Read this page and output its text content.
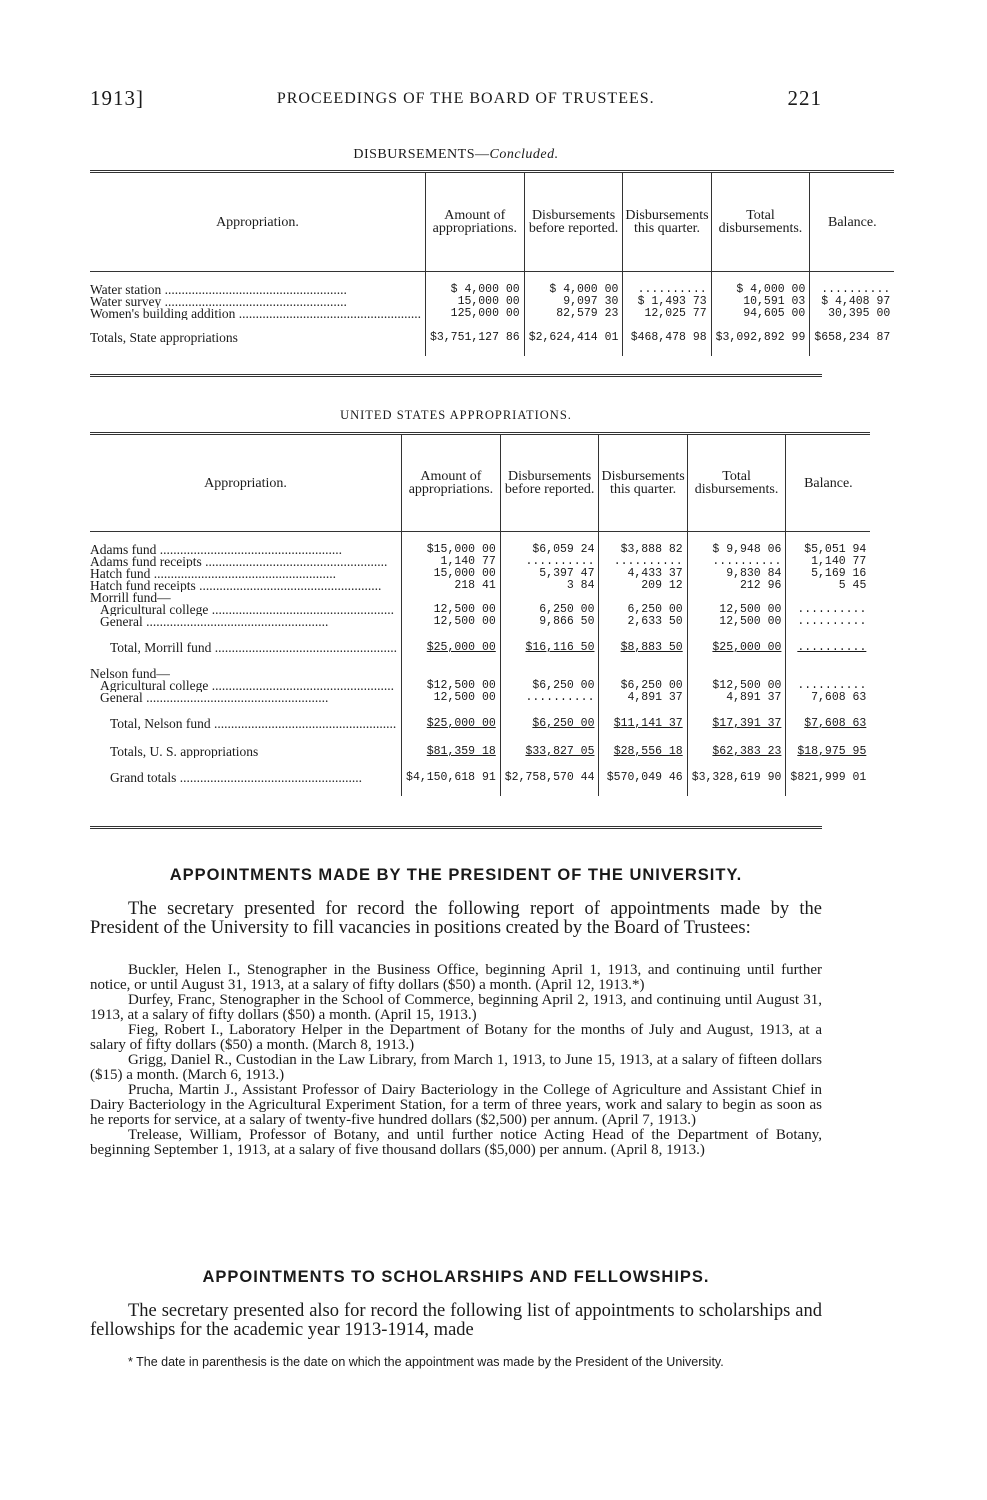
1913]	PROCEEDINGS OF THE BOARD OF TRUSTEES.	221
DISBURSEMENTS—Concluded.
Appropriation.	Amount of appropriations.	Disbursements before reported.	Disbursements this quarter.	Total disbursements.	Balance.

Water station .....	$ 4,000 00	$ 4,000 00	..........	$ 4,000 00	..........

Water survey .....	15,000 00	9,097 30	$ 1,493 73	10,591 03	$ 4,408 97

Women's building addition .....	125,000 00	82,579 23	12,025 77	94,605 00	30,395 00

Totals, State appropriations	$3,751,127 86	$2,624,414 01	$468,478 98	$3,092,892 99	$658,234 87

UNITED STATES APPROPRIATIONS.
Appropriation.	Amount of appropriations.	Disbursements before reported.	Disbursements this quarter.	Total disbursements.	Balance.

Adams fund .....	$15,000 00	$6,059 24	$3,888 82	$ 9,948 06	$5,051 94

Adams fund receipts .....	1,140 77	..........	..........	..........	1,140 77

Hatch fund .....	15,000 00	5,397 47	4,433 37	9,830 84	5,169 16

Hatch fund receipts .....	218 41	3 84	209 12	212 96	5 45
Morrill fund—					

Agricultural college .....	12,500 00	6,250 00	6,250 00	12,500 00	..........

General .....	12,500 00	9,866 50	2,633 50	12,500 00	..........

Total, Morrill fund .....	$25,000 00	$16,116 50	$8,883 50	$25,000 00	..........

Nelson fund—					

Agricultural college .....	$12,500 00	$6,250 00	$6,250 00	$12,500 00	..........

General .....	12,500 00	..........	4,891 37	4,891 37	7,608 63

Total, Nelson fund .....	$25,000 00	$6,250 00	$11,141 37	$17,391 37	$7,608 63

Totals, U. S. appropriations	$81,359 18	$33,827 05	$28,556 18	$62,383 23	$18,975 95

Grand totals .....	$4,150,618 91	$2,758,570 44	$570,049 46	$3,328,619 90	$821,999 01

APPOINTMENTS MADE BY THE PRESIDENT OF THE UNIVERSITY.

The secretary presented for record the following report of appointments made by the President of the University to fill vacancies in positions created by the Board of Trustees:

Buckler, Helen I., Stenographer in the Business Office, beginning April 1, 1913, and continuing until further notice, or until August 31, 1913, at a salary of fifty dollars ($50) a month. (April 12, 1913.*)

Durfey, Franc, Stenographer in the School of Commerce, beginning April 2, 1913, and continuing until August 31, 1913, at a salary of fifty dollars ($50) a month. (April 15, 1913.)

Fieg, Robert I., Laboratory Helper in the Department of Botany for the months of July and August, 1913, at a salary of fifty dollars ($50) a month. (March 8, 1913.)

Grigg, Daniel R., Custodian in the Law Library, from March 1, 1913, to June 15, 1913, at a salary of fifteen dollars ($15) a month. (March 6, 1913.)

Prucha, Martin J., Assistant Professor of Dairy Bacteriology in the College of Agriculture and Assistant Chief in Dairy Bacteriology in the Agricultural Experiment Station, for a term of three years, work and salary to begin as soon as he reports for service, at a salary of twenty-five hundred dollars ($2,500) per annum. (April 7, 1913.)

Trelease, William, Professor of Botany, and until further notice Acting Head of the Department of Botany, beginning September 1, 1913, at a salary of five thousand dollars ($5,000) per annum. (April 8, 1913.)

APPOINTMENTS TO SCHOLARSHIPS AND FELLOWSHIPS.

The secretary presented also for record the following list of appointments to scholarships and fellowships for the academic year 1913-1914, made

* The date in parenthesis is the date on which the appointment was made by the President of the University.
